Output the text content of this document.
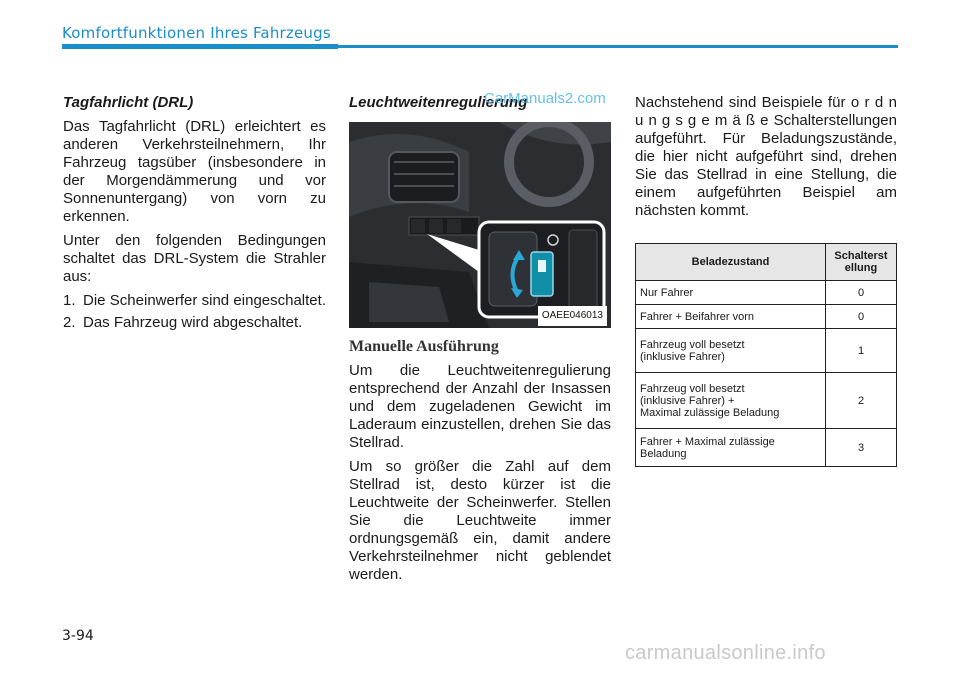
Komfortfunktionen Ihres Fahrzeugs
Tagfahrlicht (DRL)

Das Tagfahrlicht (DRL) erleichtert es anderen Verkehrsteilnehmern, Ihr Fahrzeug tagsüber (insbesondere in der Morgendämmerung und vor Sonnenuntergang) von vorn zu erkennen.

Unter den folgenden Bedingungen schaltet das DRL-System die Strahler aus:

1. Die Scheinwerfer sind eingeschaltet.
2. Das Fahrzeug wird abgeschaltet.
Leuchtweitenregulierung
OAEE046013
Manuelle Ausführung

Um die Leuchtweitenregulierung entsprechend der Anzahl der Insassen und dem zugeladenen Gewicht im Laderaum einzustellen, drehen Sie das Stellrad.

Um so größer die Zahl auf dem Stellrad ist, desto kürzer ist die Leuchtweite der Scheinwerfer. Stellen Sie die Leuchtweite immer ordnungsgemäß ein, damit andere Verkehrsteilnehmer nicht geblendet werden.

Nachstehend sind Beispiele für o r d n u n g s g e m ä ß e Schalterstellungen aufgeführt. Für Beladungszustände, die hier nicht aufgeführt sind, drehen Sie das Stellrad in eine Stellung, die einem aufgeführten Beispiel am nächsten kommt.

Beladezustand	Schalterst ellung
Nur Fahrer	0
Fahrer + Beifahrer vorn	0
Fahrzeug voll besetzt
(inklusive Fahrer)	1
Fahrzeug voll besetzt
(inklusive Fahrer) +
Maximal zulässige Beladung	2
Fahrer + Maximal zulässige
Beladung	3
CarManuals2.com
carmanualsonline.info
3-94
